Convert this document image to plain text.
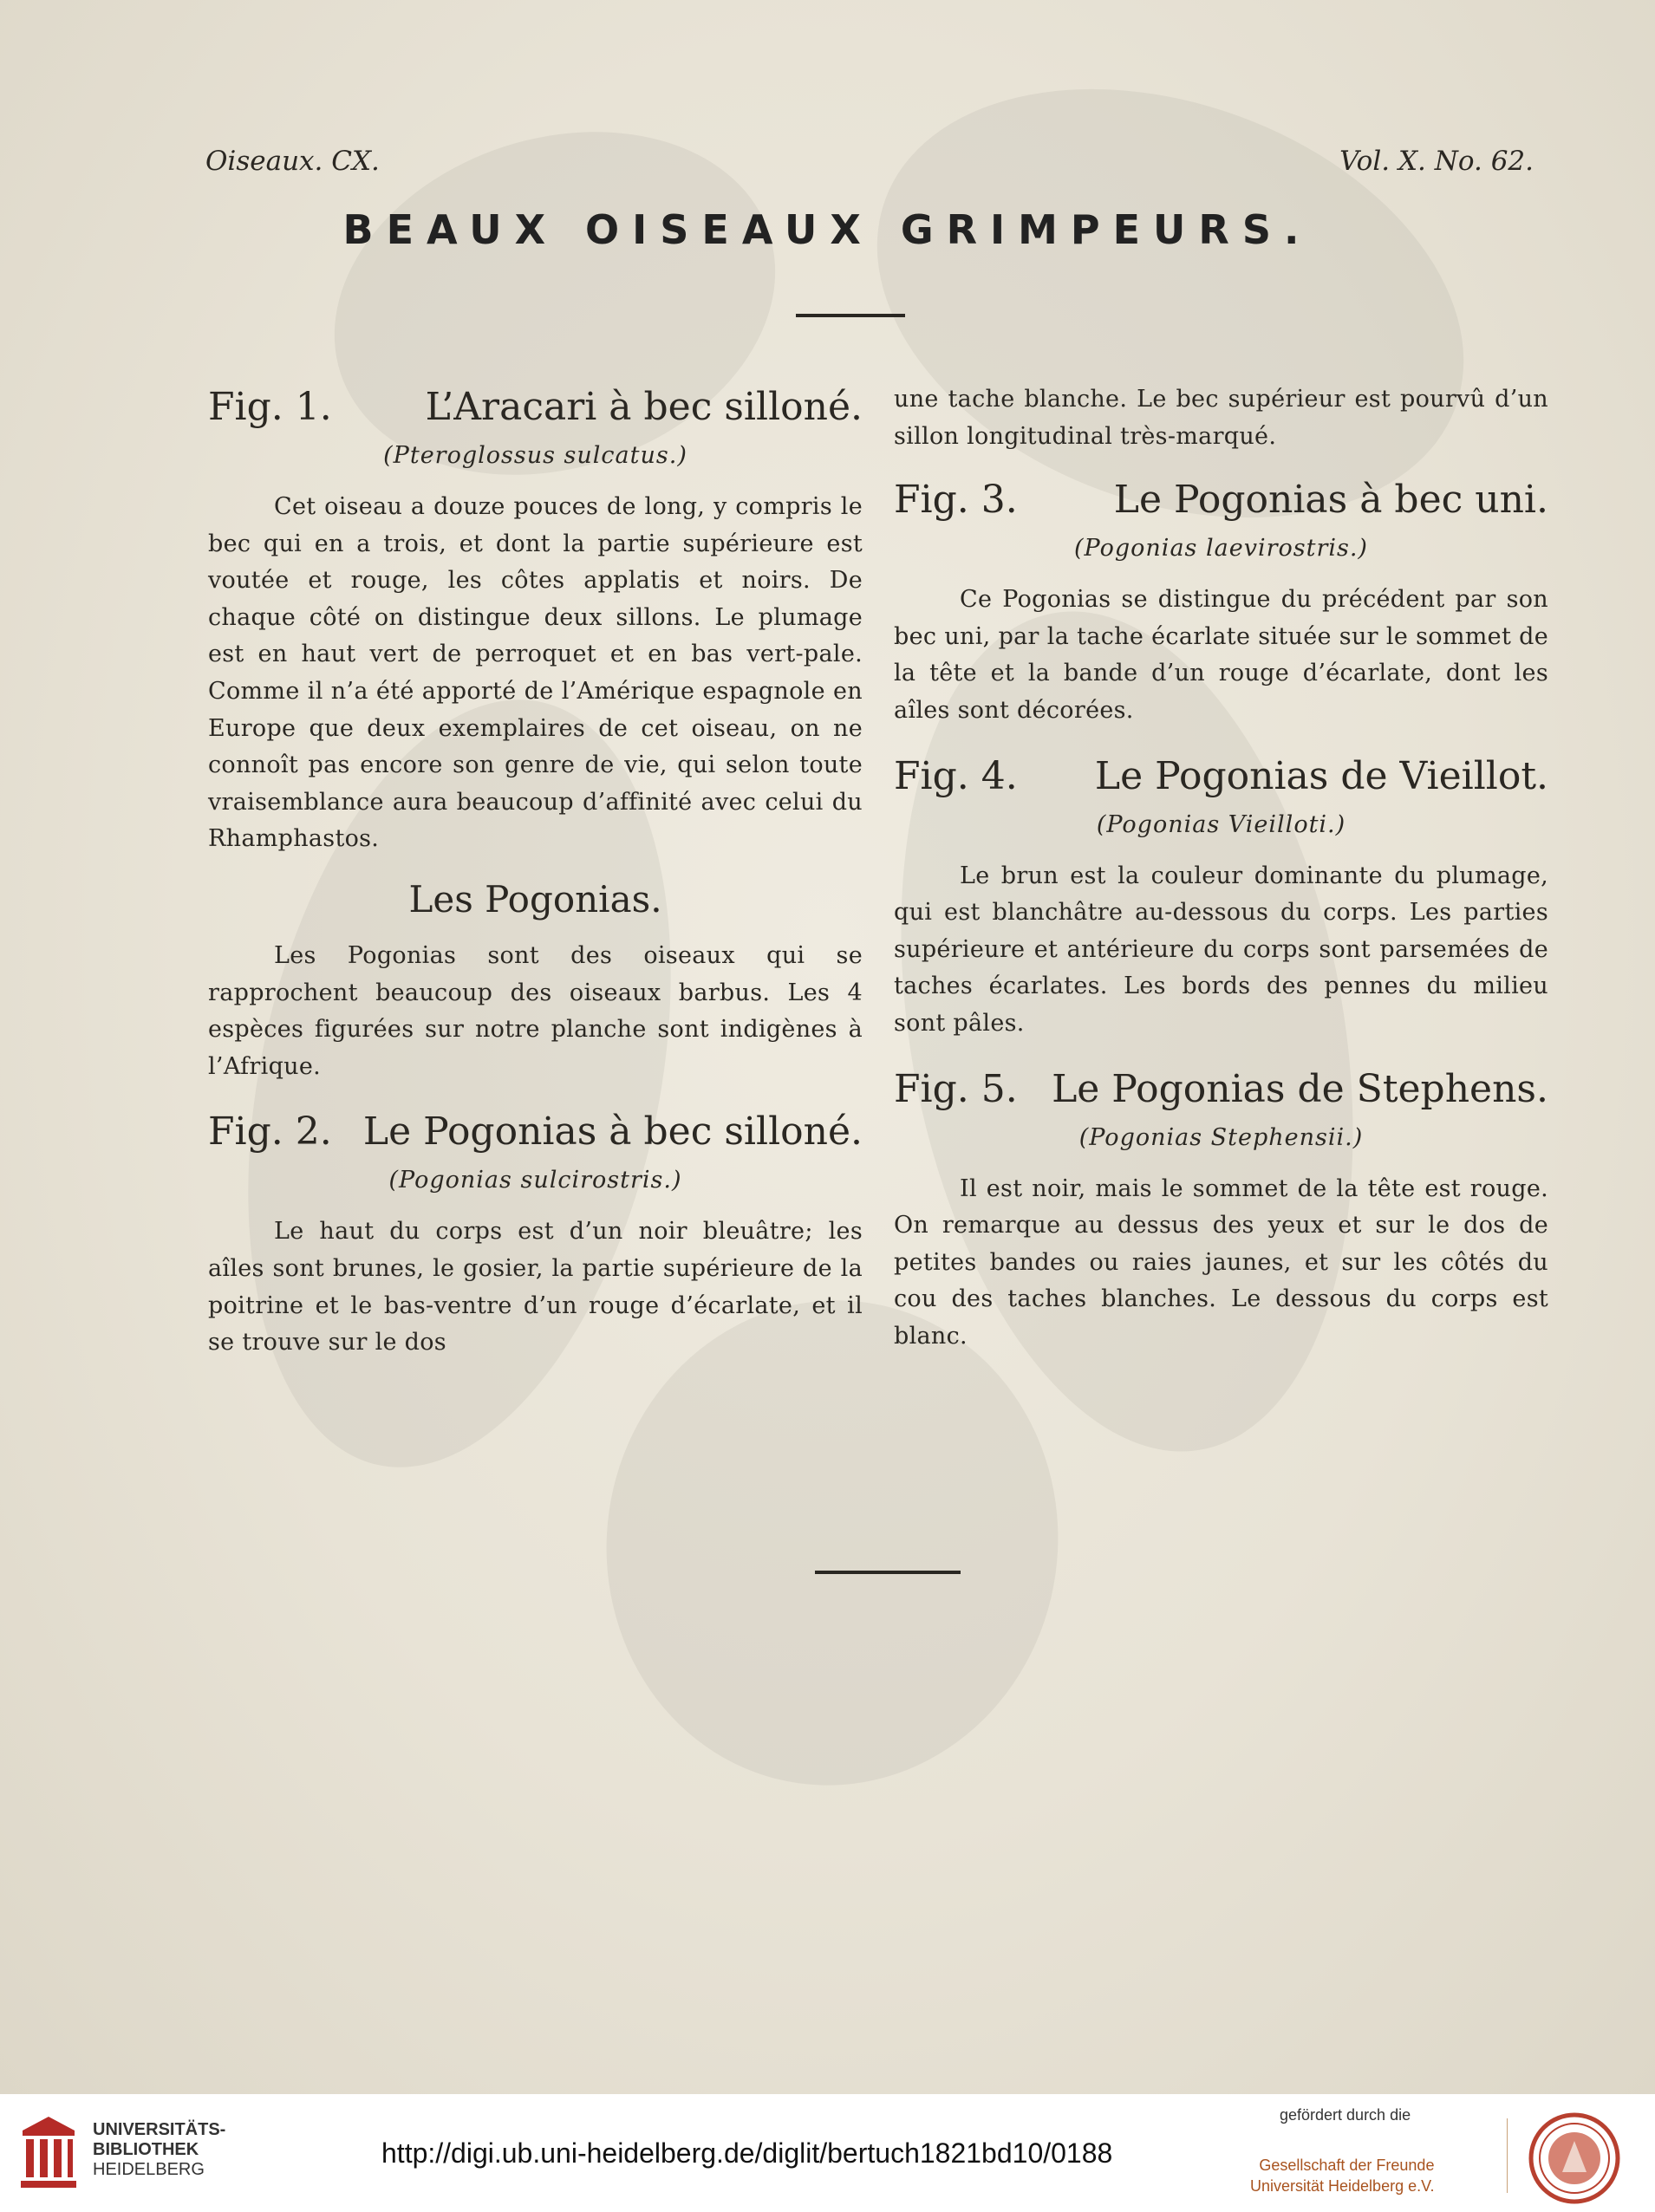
Oiseaux. CX.	Vol. X. No. 62.
BEAUX OISEAUX GRIMPEURS.
Fig. 1. L’Aracari à bec silloné.
(Pteroglossus sulcatus.)

Cet oiseau a douze pouces de long, y compris le bec qui en a trois, et dont la partie supérieure est voutée et rouge, les côtes applatis et noirs. De chaque côté on distingue deux sillons. Le plumage est en haut vert de perroquet et en bas vert-pale. Comme il n’a été apporté de l’Amérique espagnole en Europe que deux exemplaires de cet oiseau, on ne connoît pas encore son genre de vie, qui selon toute vraisemblance aura beaucoup d’affinité avec celui du Rhamphastos.

Les Pogonias.

Les Pogonias sont des oiseaux qui se rapprochent beaucoup des oiseaux barbus. Les 4 espèces figurées sur notre planche sont indigènes à l’Afrique.

Fig. 2. Le Pogonias à bec silloné.
(Pogonias sulcirostris.)

Le haut du corps est d’un noir bleuâtre; les aîles sont brunes, le gosier, la partie supérieure de la poitrine et le bas-ventre d’un rouge d’écarlate, et il se trouve sur le dos

une tache blanche. Le bec supérieur est pourvû d’un sillon longitudinal très-marqué.

Fig. 3.	Le Pogonias à bec uni.
(Pogonias laevirostris.)

Ce Pogonias se distingue du précédent par son bec uni, par la tache écarlate située sur le sommet de la tête et la bande d’un rouge d’écarlate, dont les aîles sont décorées.

Fig. 4. Le Pogonias de Vieillot.
(Pogonias Vieilloti.)

Le brun est la couleur dominante du plumage, qui est blanchâtre au-dessous du corps. Les parties supérieure et antérieure du corps sont parsemées de taches écarlates. Les bords des pennes du milieu sont pâles.

Fig. 5. Le Pogonias de Stephens.
(Pogonias Stephensii.)

Il est noir, mais le sommet de la tête est rouge. On remarque au dessus des yeux et sur le dos de petites bandes ou raies jaunes, et sur les côtés du cou des taches blanches. Le dessous du corps est blanc.

UNIVERSITÄTS-
BIBLIOTHEK
HEIDELBERG
http://digi.ub.uni-heidelberg.de/diglit/bertuch1821bd10/0188
gefördert durch die
Gesellschaft der Freunde
Universität Heidelberg e.V.
